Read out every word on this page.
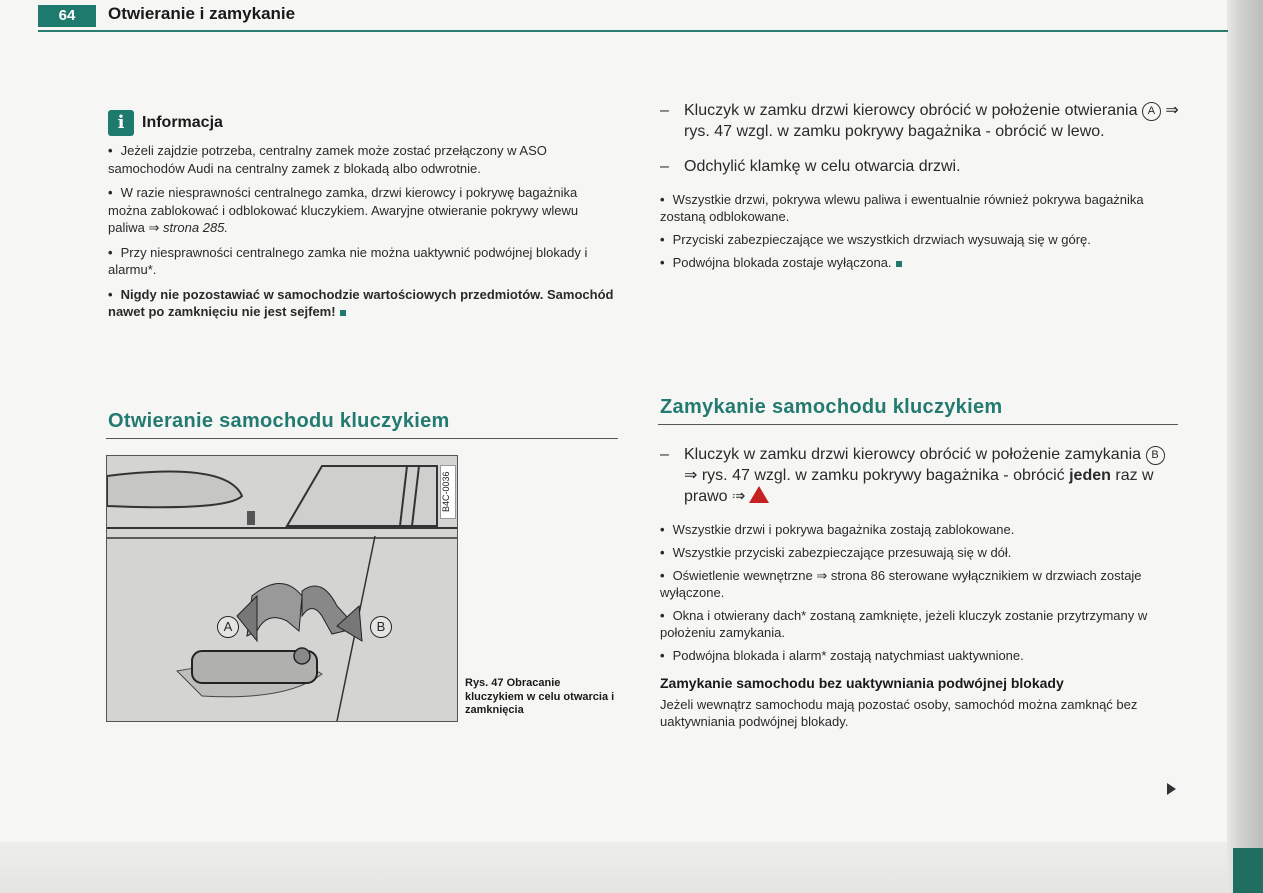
64	Otwieranie i zamykanie
i	Informacja

• Jeżeli zajdzie potrzeba, centralny zamek może zostać przełączony w ASO samochodów Audi na centralny zamek z blokadą albo odwrotnie.

• W razie niesprawności centralnego zamka, drzwi kierowcy i pokrywę bagażnika można zablokować i odblokować kluczykiem. Awaryjne otwieranie pokrywy wlewu paliwa ⇒ strona 285.

• Przy niesprawności centralnego zamka nie można uaktywnić podwójnej blokady i alarmu*.

• Nigdy nie pozostawiać w samochodzie wartościowych przedmiotów. Samochód nawet po zamknięciu nie jest sejfem!

Otwieranie samochodu kluczykiem
A	B
B4C-0036
Rys. 47 Obracanie kluczykiem w celu otwarcia i zamknięcia

– Kluczyk w zamku drzwi kierowcy obrócić w położenie otwierania A ⇒ rys. 47 wzgl. w zamku pokrywy bagażnika - obrócić w lewo.

– Odchylić klamkę w celu otwarcia drzwi.

• Wszystkie drzwi, pokrywa wlewu paliwa i ewentualnie również pokrywa bagażnika zostaną odblokowane.

• Przyciski zabezpieczające we wszystkich drzwiach wysuwają się w górę.

• Podwójna blokada zostaje wyłączona.

Zamykanie samochodu kluczykiem

– Kluczyk w zamku drzwi kierowcy obrócić w położenie zamykania B ⇒ rys. 47 wzgl. w zamku pokrywy bagażnika - obrócić jeden raz w prawo ⇒!

• Wszystkie drzwi i pokrywa bagażnika zostają zablokowane.

• Wszystkie przyciski zabezpieczające przesuwają się w dół.

• Oświetlenie wewnętrzne ⇒ strona 86 sterowane wyłącznikiem w drzwiach zostaje wyłączone.

• Okna i otwierany dach* zostaną zamknięte, jeżeli kluczyk zostanie przytrzymany w położeniu zamykania.

• Podwójna blokada i alarm* zostają natychmiast uaktywnione.

Zamykanie samochodu bez uaktywniania podwójnej blokady

Jeżeli wewnątrz samochodu mają pozostać osoby, samochód można zamknąć bez uaktywniania podwójnej blokady.
